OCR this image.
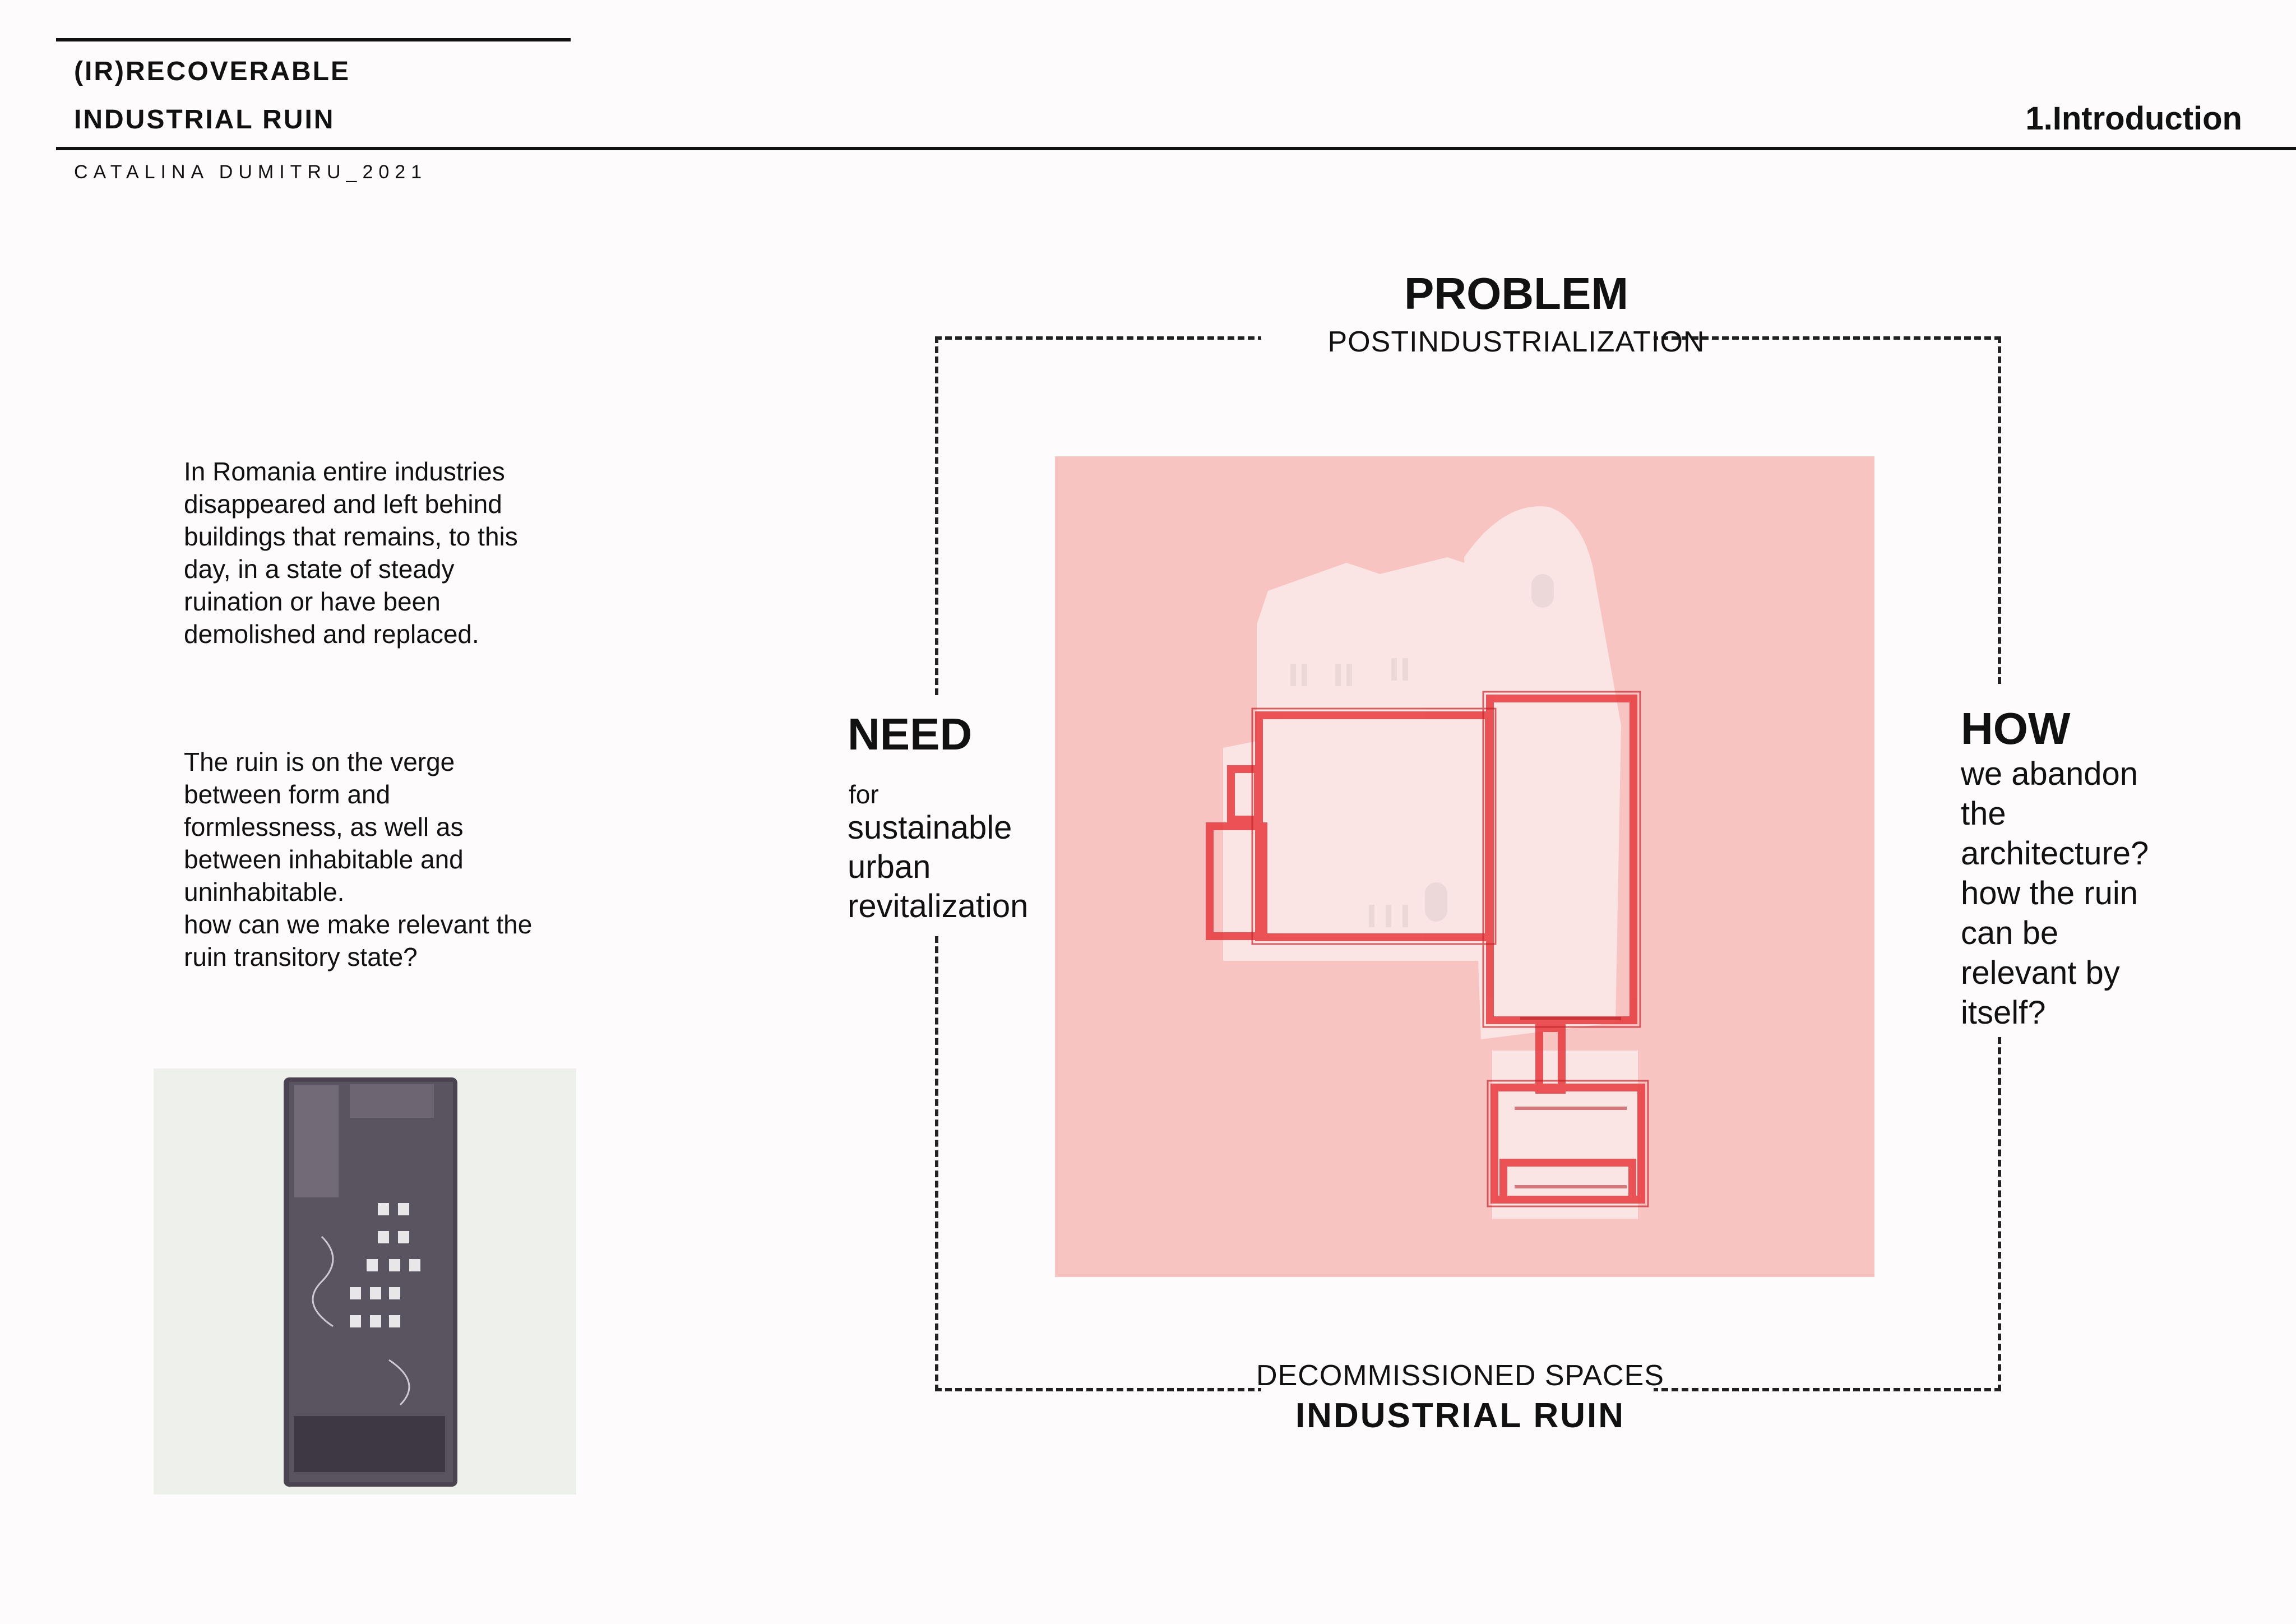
(IR)RECOVERABLE
INDUSTRIAL RUIN	1.Introduction
CATALINA DUMITRU_2021
In Romania entire industries
disappeared and left behind
buildings that remains, to this
day, in a state of steady
ruination or have been
demolished and replaced.
The ruin is on the verge
between form and
formlessness, as well as
between inhabitable and
uninhabitable.
how can we make relevant the
ruin transitory state?
PROBLEM
POSTINDUSTRIALIZATION
DECOMMISSIONED SPACES
INDUSTRIAL RUIN
NEED
for
sustainable
urban
revitalization
HOW
we abandon
the
architecture?
how the ruin
can be
relevant by
itself?
